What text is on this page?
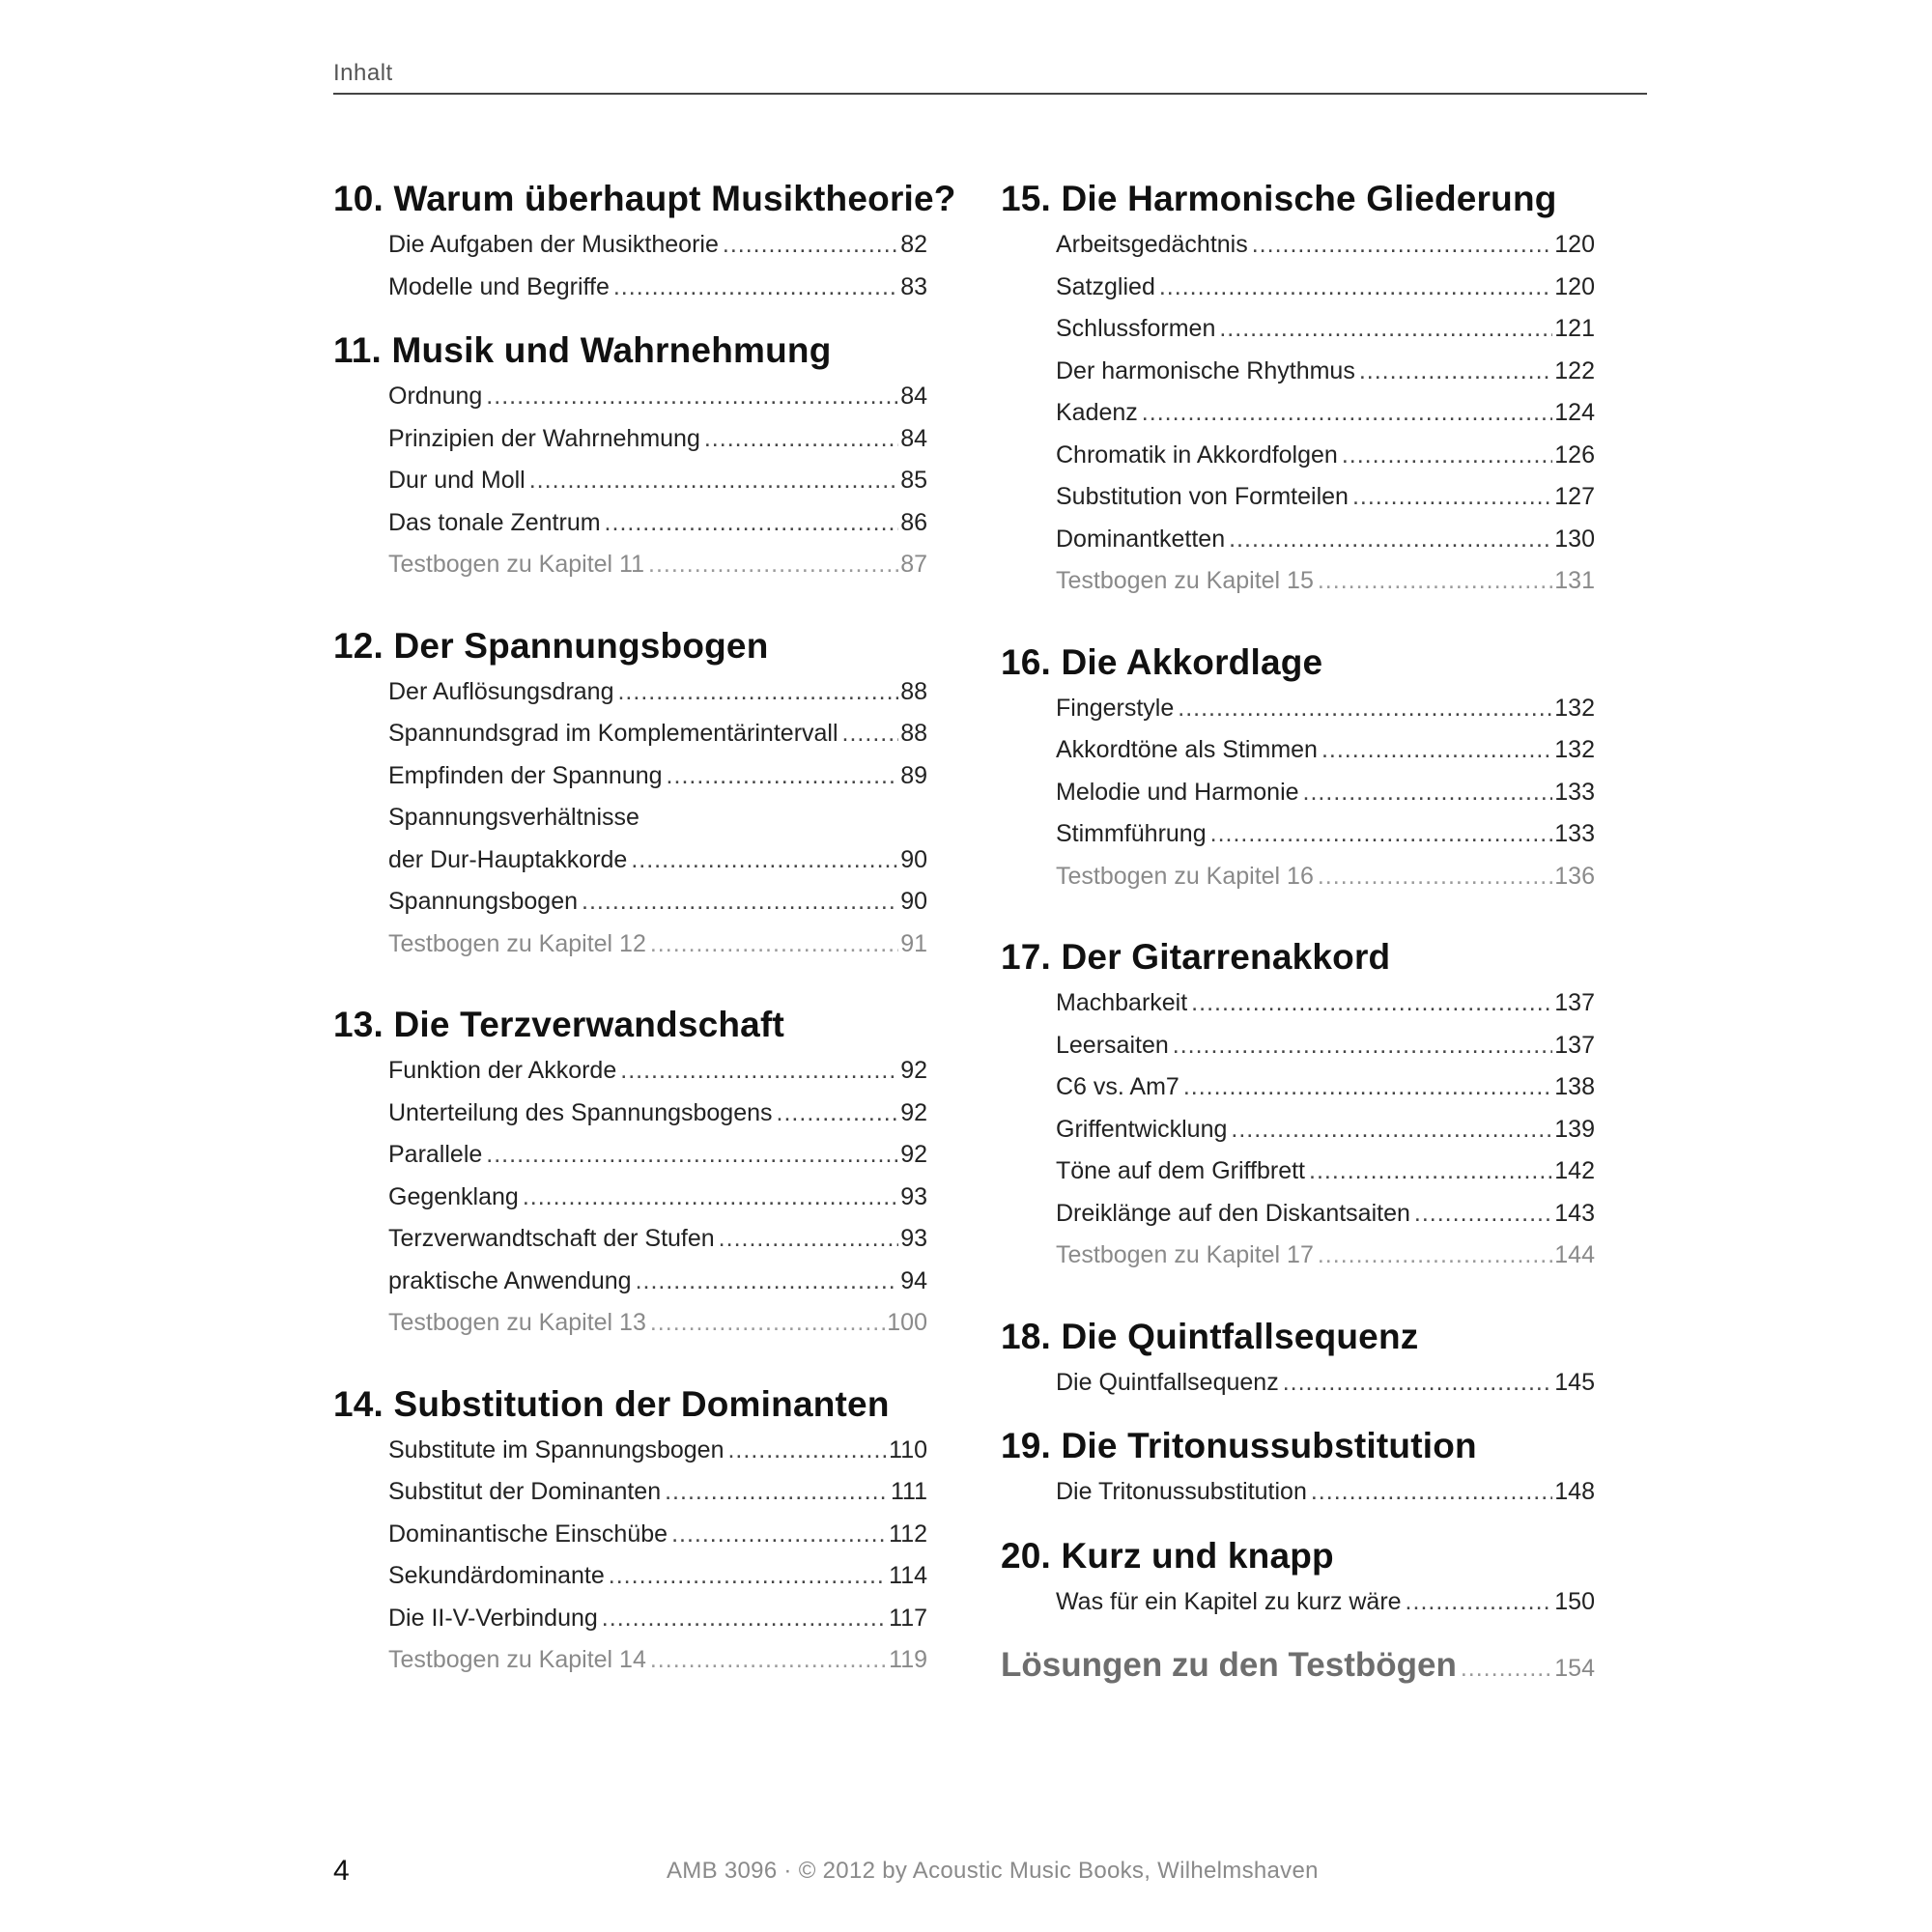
Inhalt
10. Warum überhaupt Musiktheorie?
Die Aufgaben der Musiktheorie .....	82
Modelle und Begriffe .....	83
11. Musik und Wahrnehmung
Ordnung .....	84
Prinzipien der Wahrnehmung .....	84
Dur und Moll .....	85
Das tonale Zentrum .....	86
Testbogen zu Kapitel 11 .....	87
12. Der Spannungsbogen
Der Auflösungsdrang .....	88
Spannundsgrad im Komplementärintervall .....	88
Empfinden der Spannung .....	89
Spannungsverhältnisse
der Dur-Hauptakkorde .....	90
Spannungsbogen .....	90
Testbogen zu Kapitel 12 .....	91
13. Die Terzverwandschaft
Funktion der Akkorde .....	92
Unterteilung des Spannungsbogens .....	92
Parallele .....	92
Gegenklang .....	93
Terzverwandtschaft der Stufen .....	93
praktische Anwendung .....	94
Testbogen zu Kapitel 13 .....	100
14. Substitution der Dominanten
Substitute im Spannungsbogen .....	110
Substitut der Dominanten .....	111
Dominantische Einschübe .....	112
Sekundärdominante .....	114
Die II-V-Verbindung .....	117
Testbogen zu Kapitel 14 .....	119
15. Die Harmonische Gliederung
Arbeitsgedächtnis .....	120
Satzglied .....	120
Schlussformen .....	121
Der harmonische Rhythmus .....	122
Kadenz .....	124
Chromatik in Akkordfolgen .....	126
Substitution von Formteilen .....	127
Dominantketten .....	130
Testbogen zu Kapitel 15 .....	131
16. Die Akkordlage
Fingerstyle .....	132
Akkordtöne als Stimmen .....	132
Melodie und Harmonie .....	133
Stimmführung .....	133
Testbogen zu Kapitel 16 .....	136
17. Der Gitarrenakkord
Machbarkeit .....	137
Leersaiten .....	137
C6 vs. Am7 .....	138
Griffentwicklung .....	139
Töne auf dem Griffbrett .....	142
Dreiklänge auf den Diskantsaiten .....	143
Testbogen zu Kapitel 17 .....	144
18. Die Quintfallsequenz
Die Quintfallsequenz .....	145
19. Die Tritonussubstitution
Die Tritonussubstitution .....	148
20. Kurz und knapp
Was für ein Kapitel zu kurz wäre .....	150
Lösungen zu den Testbögen .....	154
4	AMB 3096 · © 2012 by Acoustic Music Books, Wilhelmshaven
